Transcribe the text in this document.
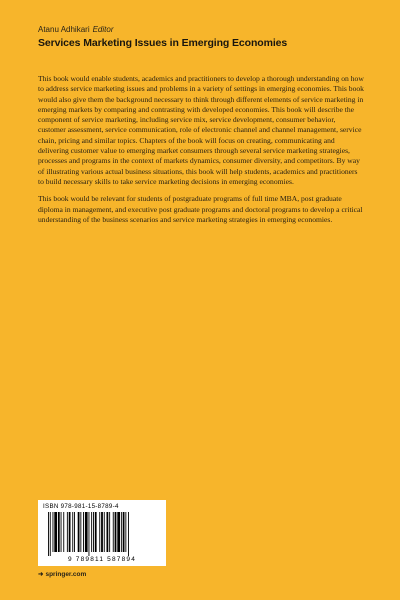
Atanu Adhikari Editor
Services Marketing Issues in Emerging Economies

This book would enable students, academics and practitioners to develop a thorough understanding on how to address service marketing issues and problems in a variety of settings in emerging economies. This book would also give them the background necessary to think through different elements of service marketing in emerging markets by comparing and contrasting with developed economies. This book will describe the component of service marketing, including service mix, service development, consumer behavior, customer assessment, service communication, role of electronic channel and channel management, service chain, pricing and similar topics. Chapters of the book will focus on creating, communicating and delivering customer value to emerging market consumers through several service marketing strategies, processes and programs in the context of markets dynamics, consumer diversity, and competitors. By way of illustrating various actual business situations, this book will help students, academics and practitioners to build necessary skills to take service marketing decisions in emerging economies.

This book would be relevant for students of postgraduate programs of full time MBA, post graduate diploma in management, and executive post graduate programs and doctoral programs to develop a critical understanding of the business scenarios and service marketing strategies in emerging economies.

ISBN 978-981-15-8789-4
9 789811 587894
➜ springer.com
